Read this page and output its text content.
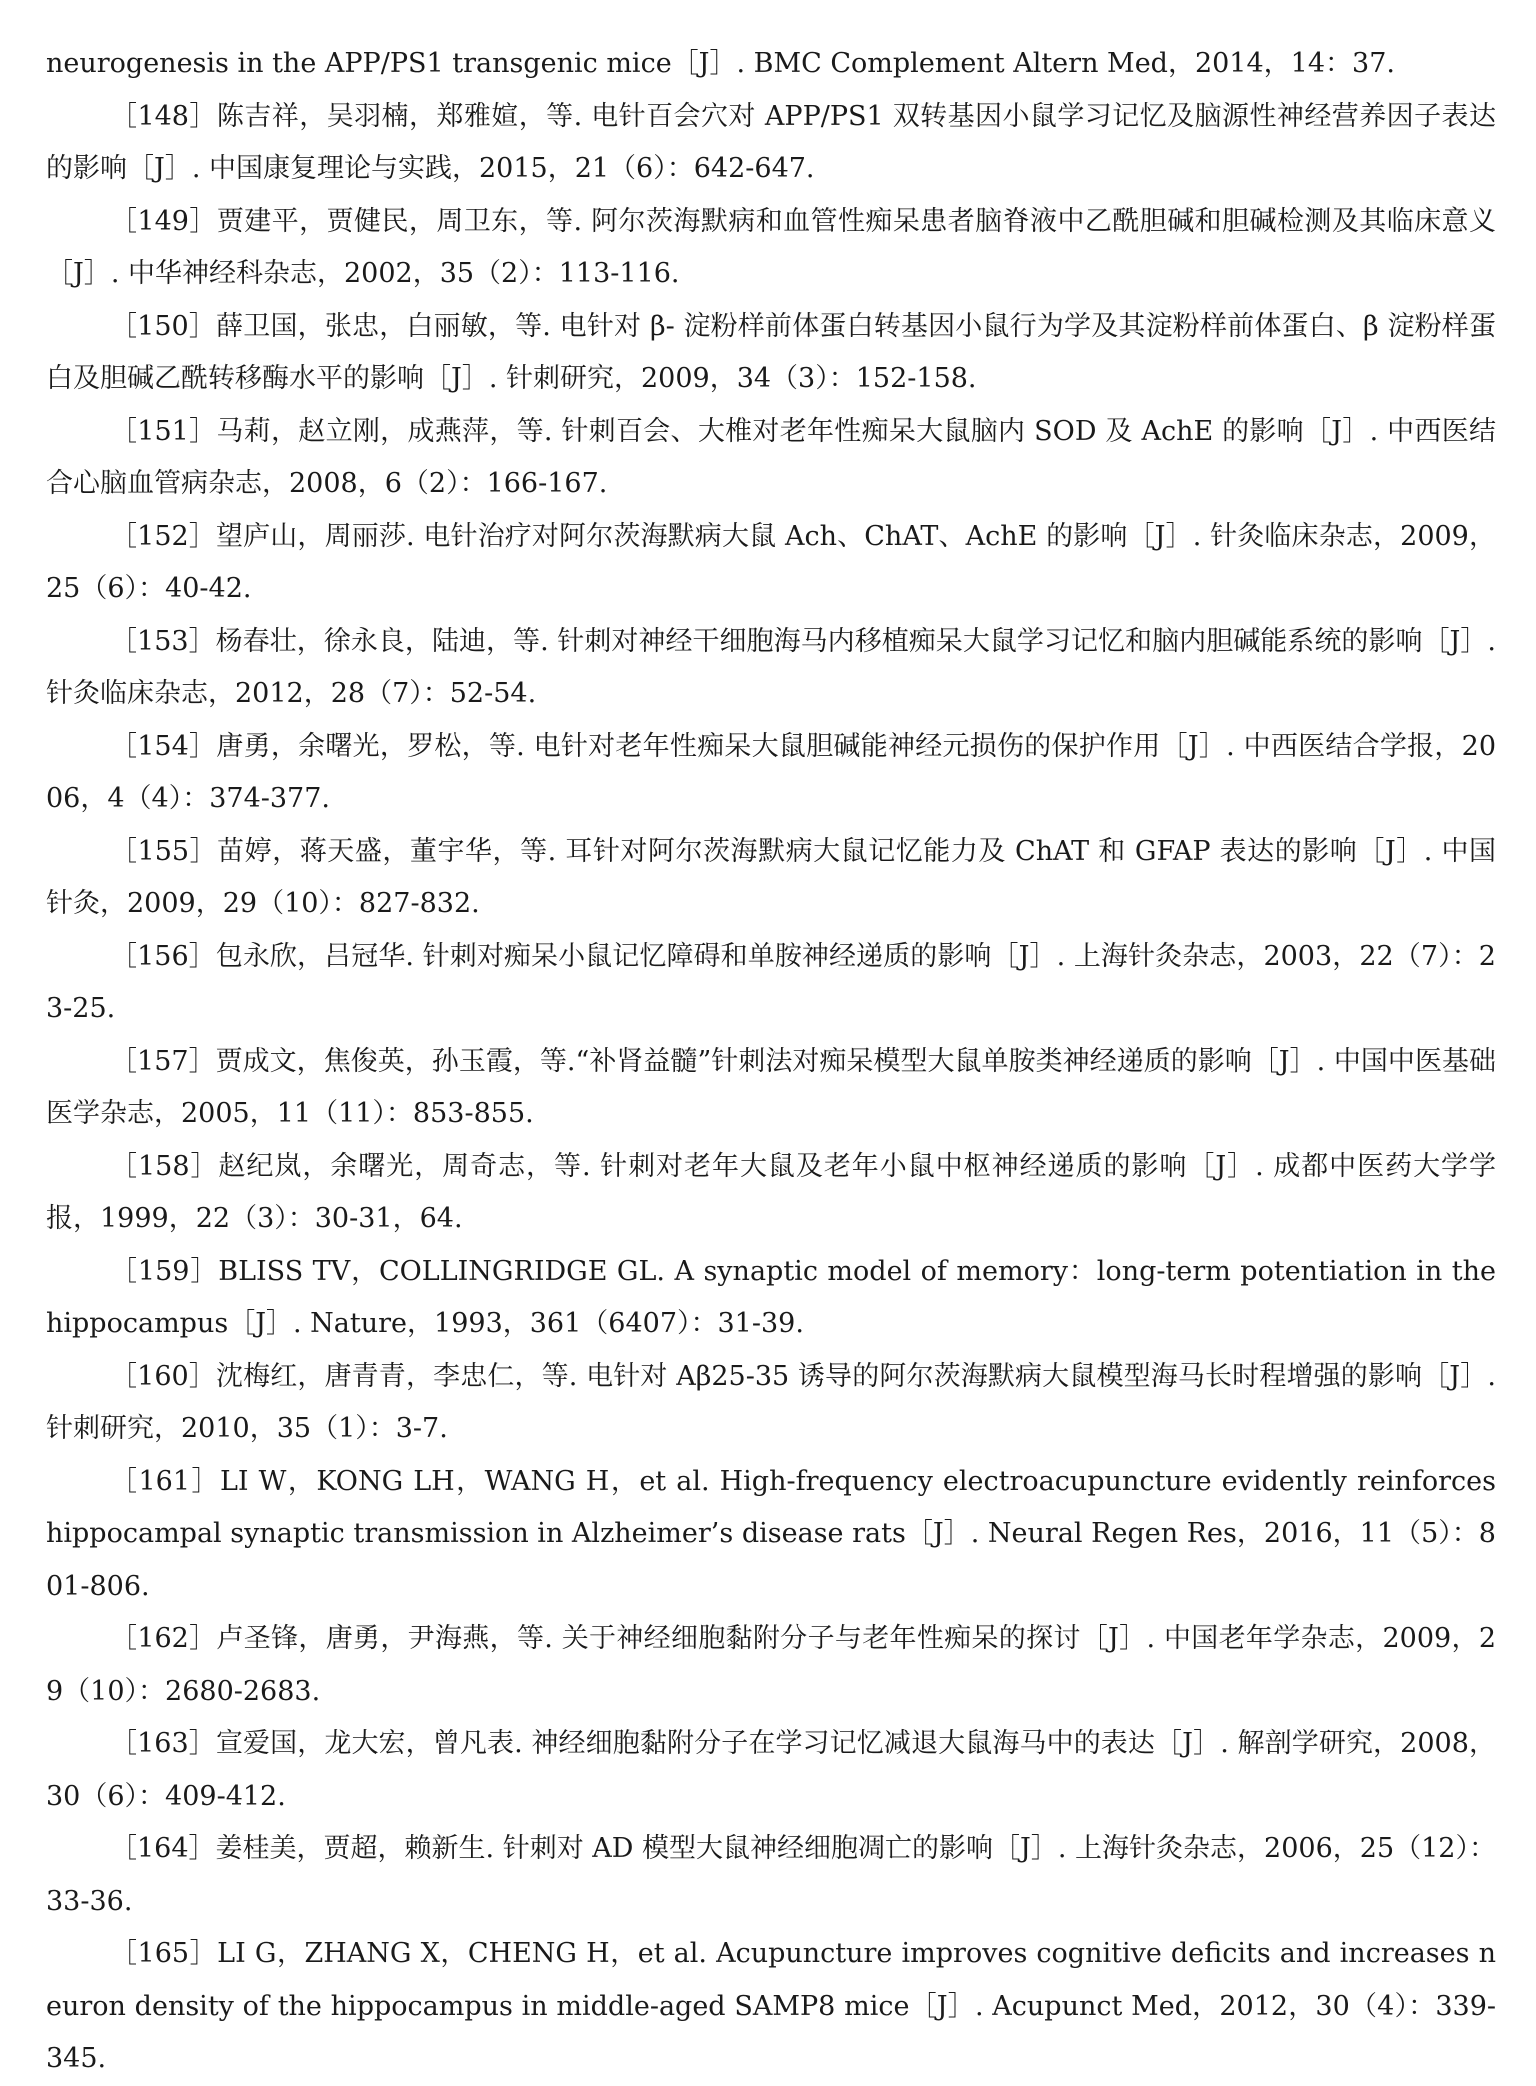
neurogenesis in the APP/PS1 transgenic mice［J］. BMC Complement Altern Med，2014，14：37.

［148］陈吉祥，吴羽楠，郑雅媗，等. 电针百会穴对 APP/PS1 双转基因小鼠学习记忆及脑源性神经营养因子表达的影响［J］. 中国康复理论与实践，2015，21（6）：642-647.

［149］贾建平，贾健民，周卫东，等. 阿尔茨海默病和血管性痴呆患者脑脊液中乙酰胆碱和胆碱检测及其临床意义［J］. 中华神经科杂志，2002，35（2）：113-116.

［150］薛卫国，张忠，白丽敏，等. 电针对 β- 淀粉样前体蛋白转基因小鼠行为学及其淀粉样前体蛋白、β 淀粉样蛋白及胆碱乙酰转移酶水平的影响［J］. 针刺研究，2009，34（3）：152-158.

［151］马莉，赵立刚，成燕萍，等. 针刺百会、大椎对老年性痴呆大鼠脑内 SOD 及 AchE 的影响［J］. 中西医结合心脑血管病杂志，2008，6（2）：166-167.

［152］望庐山，周丽莎. 电针治疗对阿尔茨海默病大鼠 Ach、ChAT、AchE 的影响［J］. 针灸临床杂志，2009，25（6）：40-42.

［153］杨春壮，徐永良，陆迪，等. 针刺对神经干细胞海马内移植痴呆大鼠学习记忆和脑内胆碱能系统的影响［J］. 针灸临床杂志，2012，28（7）：52-54.

［154］唐勇，余曙光，罗松，等. 电针对老年性痴呆大鼠胆碱能神经元损伤的保护作用［J］. 中西医结合学报，2006，4（4）：374-377.

［155］苗婷，蒋天盛，董宇华，等. 耳针对阿尔茨海默病大鼠记忆能力及 ChAT 和 GFAP 表达的影响［J］. 中国针灸，2009，29（10）：827-832.

［156］包永欣，吕冠华. 针刺对痴呆小鼠记忆障碍和单胺神经递质的影响［J］. 上海针灸杂志，2003，22（7）：23-25.

［157］贾成文，焦俊英，孙玉霞，等.“补肾益髓”针刺法对痴呆模型大鼠单胺类神经递质的影响［J］. 中国中医基础医学杂志，2005，11（11）：853-855.

［158］赵纪岚，余曙光，周奇志，等. 针刺对老年大鼠及老年小鼠中枢神经递质的影响［J］. 成都中医药大学学报，1999，22（3）：30-31，64.

［159］BLISS TV，COLLINGRIDGE GL. A synaptic model of memory：long-term potentiation in the hippocampus［J］. Nature，1993，361（6407）：31-39.

［160］沈梅红，唐青青，李忠仁，等. 电针对 Aβ25-35 诱导的阿尔茨海默病大鼠模型海马长时程增强的影响［J］. 针刺研究，2010，35（1）：3-7.

［161］LI W，KONG LH，WANG H，et al. High-frequency electroacupuncture evidently reinforces hippocampal synaptic transmission in Alzheimer’s disease rats［J］. Neural Regen Res，2016，11（5）：801-806.

［162］卢圣锋，唐勇，尹海燕，等. 关于神经细胞黏附分子与老年性痴呆的探讨［J］. 中国老年学杂志，2009，29（10）：2680-2683.

［163］宣爱国，龙大宏，曾凡表. 神经细胞黏附分子在学习记忆减退大鼠海马中的表达［J］. 解剖学研究，2008，30（6）：409-412.

［164］姜桂美，贾超，赖新生. 针刺对 AD 模型大鼠神经细胞凋亡的影响［J］. 上海针灸杂志，2006，25（12）：33-36.

［165］LI G，ZHANG X，CHENG H，et al. Acupuncture improves cognitive deficits and increases neuron density of the hippocampus in middle-aged SAMP8 mice［J］. Acupunct Med，2012，30（4）：339-345.
